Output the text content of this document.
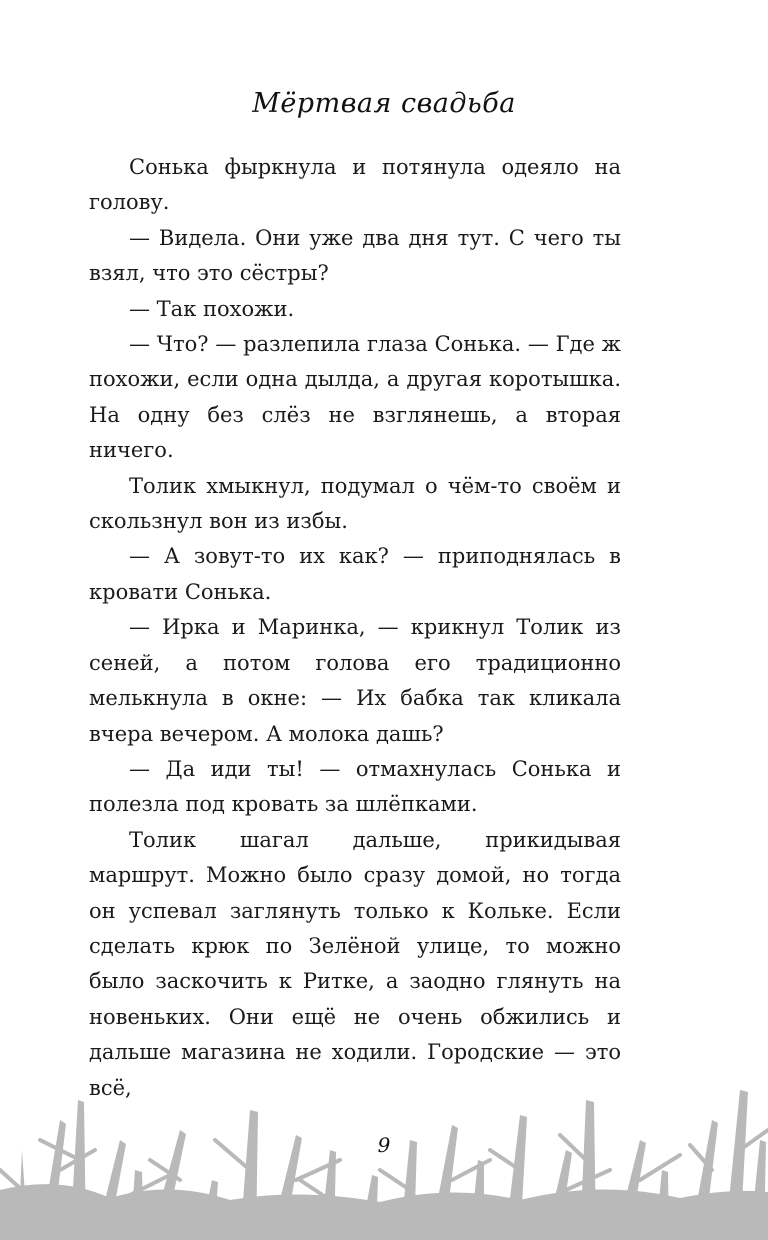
Мёртвая свадьба

Сонька фыркнула и потянула одеяло на голову.

— Видела. Они уже два дня тут. С чего ты взял, что это сёстры?

— Так похожи.

— Что? — разлепила глаза Сонька. — Где ж похожи, если одна дылда, а другая коротышка. На одну без слёз не взглянешь, а вторая ничего.

Толик хмыкнул, подумал о чём-то своём и скользнул вон из избы.

— А зовут-то их как? — приподнялась в кровати Сонька.

— Ирка и Маринка, — крикнул Толик из сеней, а потом голова его традиционно мелькнула в окне: — Их бабка так кликала вчера вечером. А молока дашь?

— Да иди ты! — отмахнулась Сонька и полезла под кровать за шлёпками.

Толик шагал дальше, прикидывая маршрут. Можно было сразу домой, но тогда он успевал заглянуть только к Кольке. Если сделать крюк по Зелёной улице, то можно было заскочить к Ритке, а заодно глянуть на новеньких. Они ещё не очень обжились и дальше магазина не ходили. Городские — это всё,

9
